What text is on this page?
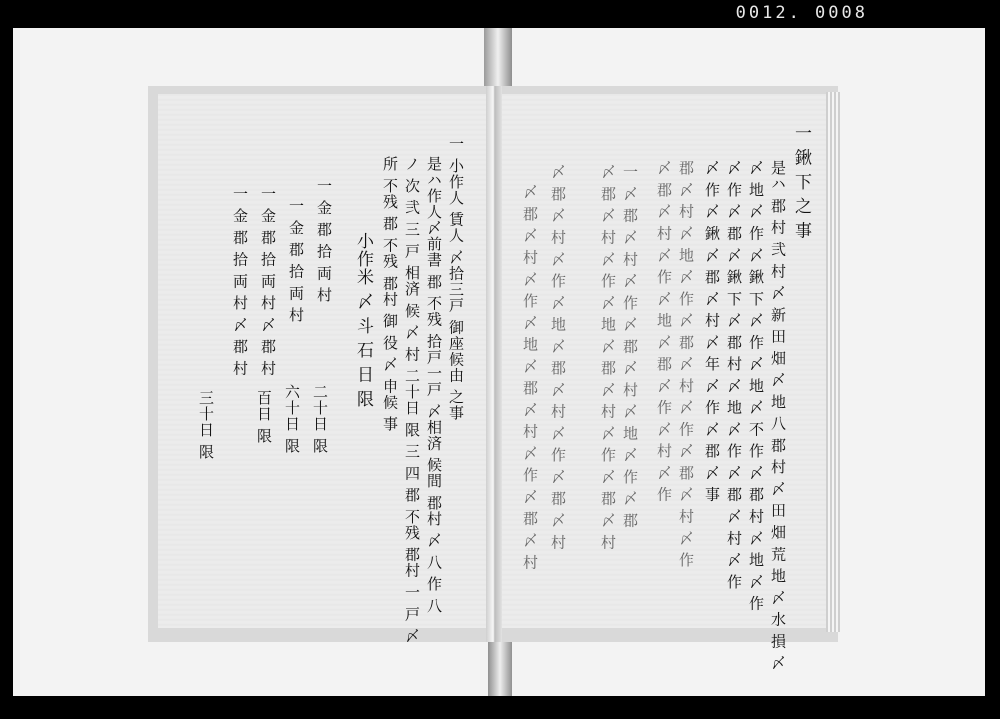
0012. 0008
一 小作人 賃人 〆拾三戸 御座候由 之事
是ハ作人〆前書 郡 不残 拾戸一戸 〆相済 候間 郡村 〆 八 作 八
ノ 次 弐 三 戸 相済 候 〆 村 二十日 限 三 四 郡 不残 郡村 一 戸 〆
所 不残 郡 不残 郡村 御 役 〆 申候 事
小作米 〆 斗 石 日 限
一 金 郡 拾 両 村
一 金 郡 拾 両 村
一 金 郡 拾 両 村 〆 郡 村
一 金 郡 拾 両 村 〆 郡 村
二十日 限
六十日 限
百日 限
三十日 限
一 鍬 下 之 事
是ハ 郡 村 弐 村 〆 新 田 畑 〆 地 八 郡 村 〆 田 畑 荒 地 〆 水 損 〆
〆 地 〆 作 〆 鍬 下 〆 作 〆 地 〆 不 作 〆 郡 村 〆 地 〆 作
〆 作 〆 郡 〆 鍬 下 〆 郡 村 〆 地 〆 作 〆 郡 〆 村 〆 作
〆 作 〆 鍬 〆 郡 〆 村 〆 年 〆 作 〆 郡 〆 事
郡 〆 村 〆 地 〆 作 〆 郡 〆 村 〆 作 〆 郡 〆 村 〆 作
〆 郡 〆 村 〆 作 〆 地 〆 郡 〆 作 〆 村 〆 作
一 〆 郡 〆 村 〆 作 〆 郡 〆 村 〆 地 〆 作 〆 郡
〆 郡 〆 村 〆 作 〆 地 〆 郡 〆 村 〆 作 〆 郡 〆 村
〆 郡 〆 村 〆 作 〆 地 〆 郡 〆 村 〆 作 〆 郡 〆 村
〆 郡 〆 村 〆 作 〆 地 〆 郡 〆 村 〆 作 〆 郡 〆 村
